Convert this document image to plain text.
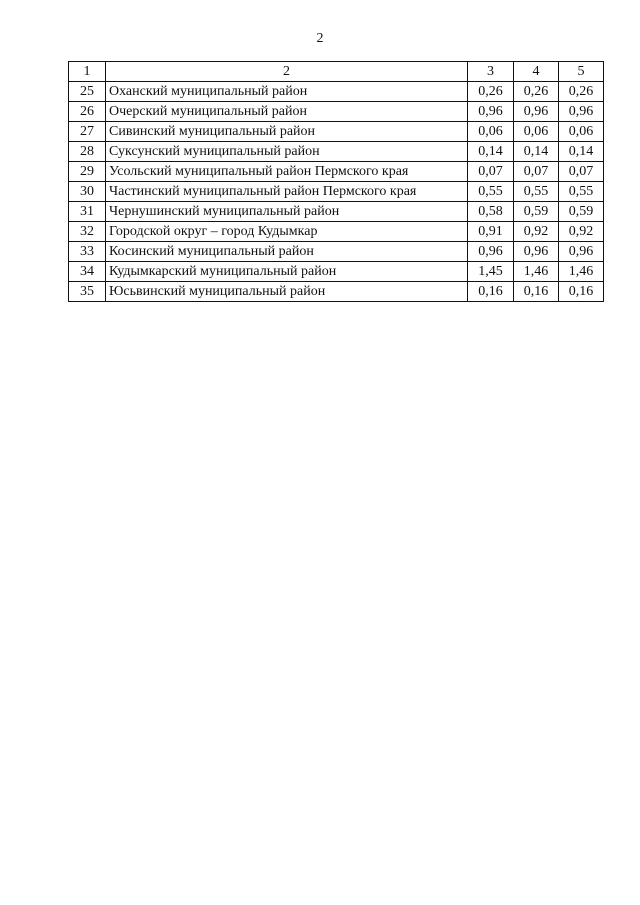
2
1	2	3	4	5
25	Оханский муниципальный район	0,26	0,26	0,26
26	Очерский муниципальный район	0,96	0,96	0,96
27	Сивинский муниципальный район	0,06	0,06	0,06
28	Суксунский муниципальный район	0,14	0,14	0,14
29	Усольский муниципальный район Пермского края	0,07	0,07	0,07
30	Частинский муниципальный район Пермского края	0,55	0,55	0,55
31	Чернушинский муниципальный район	0,58	0,59	0,59
32	Городской округ – город Кудымкар	0,91	0,92	0,92
33	Косинский муниципальный район	0,96	0,96	0,96
34	Кудымкарский муниципальный район	1,45	1,46	1,46
35	Юсьвинский муниципальный район	0,16	0,16	0,16
